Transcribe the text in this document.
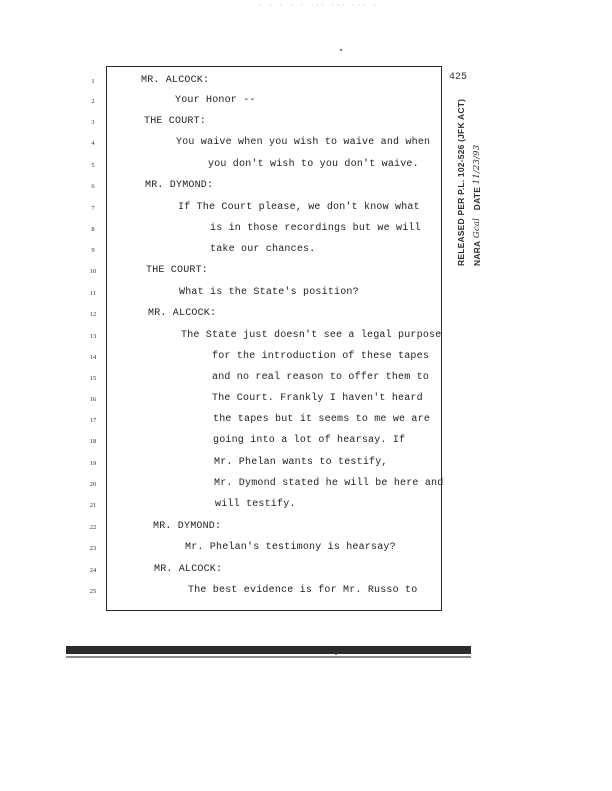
· · · · · ··· ··· ··· ·
425
RELEASED PER P.L. 102-526 (JFK ACT) NARA Gcal   DATE 11/23/93
1
2
3
4
5
6
7
8
9
10
11
12
13
14
15
16
17
18
19
20
21
22
23
24
25
MR. ALCOCK:
Your Honor --
THE COURT:
You waive when you wish to waive and when
you don't wish to you don't waive.
MR. DYMOND:
If The Court please, we don't know what
is in those recordings but we will
take our chances.
THE COURT:
What is the State's position?
MR. ALCOCK:
The State just doesn't see a legal purpose
for the introduction of these tapes
and no real reason to offer them to
The Court. Frankly I haven't heard
the tapes but it seems to me we are
going into a lot of hearsay. If
Mr. Phelan wants to testify,
Mr. Dymond stated he will be here and
will testify.
MR. DYMOND:
Mr. Phelan's testimony is hearsay?
MR. ALCOCK:
The best evidence is for Mr. Russo to
